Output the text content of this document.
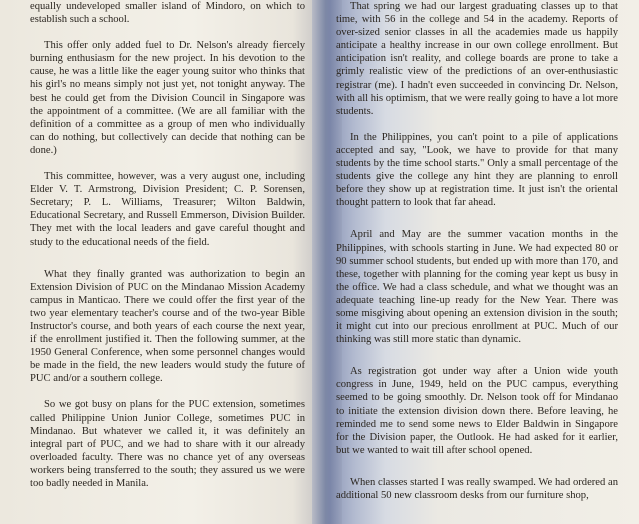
equally undeveloped smaller island of Mindoro, on which to establish such a school.

This offer only added fuel to Dr. Nelson's already fiercely burning enthusiasm for the new project. In his devotion to the cause, he was a little like the eager young suitor who thinks that his girl's no means simply not just yet, not tonight anyway. The best he could get from the Division Council in Singapore was the appointment of a committee. (We are all familiar with the definition of a committee as a group of men who individually can do nothing, but collectively can decide that nothing can be done.)

This committee, however, was a very august one, including Elder V. T. Armstrong, Division President; C. P. Sorensen, Secretary; P. L. Williams, Treasurer; Wilton Baldwin, Educational Secretary, and Russell Emmerson, Division Builder. They met with the local leaders and gave careful thought and study to the educational needs of the field.

What they finally granted was authorization to begin an Extension Division of PUC on the Mindanao Mission Academy campus in Manticao. There we could offer the first year of the two year elementary teacher's course and of the two-year Bible Instructor's course, and both years of each course the next year, if the enrollment justified it. Then the following summer, at the 1950 General Conference, when some personnel changes would be made in the field, the new leaders would study the future of PUC and/or a southern college.

So we got busy on plans for the PUC extension, sometimes called Philippine Union Junior College, sometimes PUC in Mindanao. But whatever we called it, it was definitely an integral part of PUC, and we had to share with it our already overloaded faculty. There was no chance yet of any overseas workers being transferred to the south; they assured us we were too badly needed in Manila.

That spring we had our largest graduating classes up to that time, with 56 in the college and 54 in the academy. Reports of over-sized senior classes in all the academies made us happily anticipate a healthy increase in our own college enrollment. But anticipation isn't reality, and college boards are prone to take a grimly realistic view of the predictions of an over-enthusiastic registrar (me). I hadn't even succeeded in convincing Dr. Nelson, with all his optimism, that we were really going to have a lot more students.

In the Philippines, you can't point to a pile of applications accepted and say, "Look, we have to provide for that many students by the time school starts." Only a small percentage of the students give the college any hint they are planning to enroll before they show up at registration time. It just isn't the oriental thought pattern to look that far ahead.

April and May are the summer vacation months in the Philippines, with schools starting in June. We had expected 80 or 90 summer school students, but ended up with more than 170, and these, together with planning for the coming year kept us busy in the office. We had a class schedule, and what we thought was an adequate teaching line-up ready for the New Year. There was some misgiving about opening an extension division in the south; it might cut into our precious enrollment at PUC. Much of our thinking was still more static than dynamic.

As registration got under way after a Union wide youth congress in June, 1949, held on the PUC campus, everything seemed to be going smoothly. Dr. Nelson took off for Mindanao to initiate the extension division down there. Before leaving, he reminded me to send some news to Elder Baldwin in Singapore for the Division paper, the Outlook. He had asked for it earlier, but we wanted to wait till after school opened.

When classes started I was really swamped. We had ordered an additional 50 new classroom desks from our furniture shop,
